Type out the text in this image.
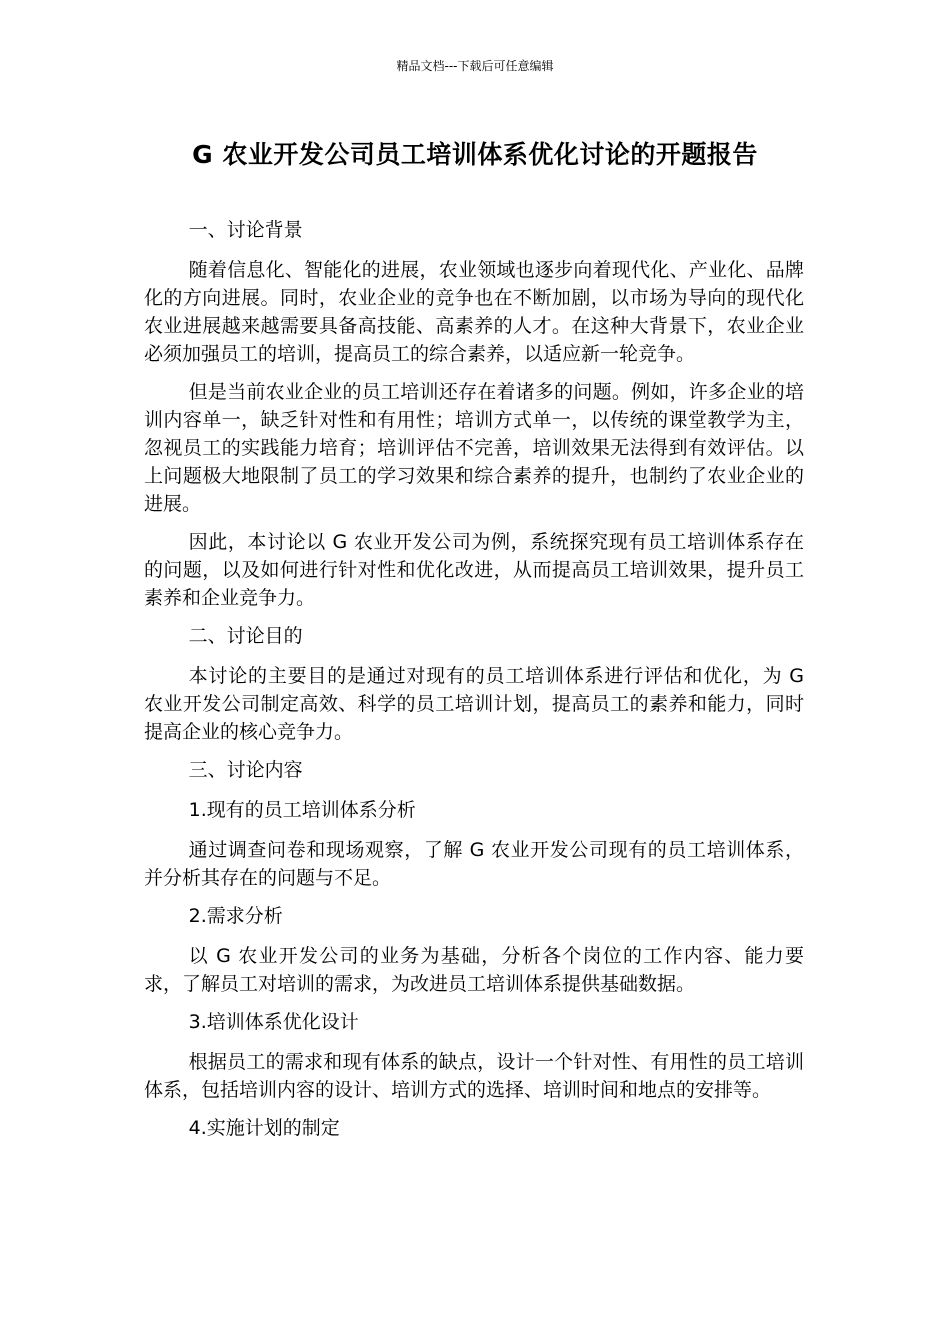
精品文档---下载后可任意编辑
G 农业开发公司员工培训体系优化讨论的开题报告

一、讨论背景

随着信息化、智能化的进展，农业领域也逐步向着现代化、产业化、品牌化的方向进展。同时，农业企业的竞争也在不断加剧，以市场为导向的现代化农业进展越来越需要具备高技能、高素养的人才。在这种大背景下，农业企业必须加强员工的培训，提高员工的综合素养，以适应新一轮竞争。

但是当前农业企业的员工培训还存在着诸多的问题。例如，许多企业的培训内容单一，缺乏针对性和有用性；培训方式单一，以传统的课堂教学为主，忽视员工的实践能力培育；培训评估不完善，培训效果无法得到有效评估。以上问题极大地限制了员工的学习效果和综合素养的提升，也制约了农业企业的进展。

因此，本讨论以 G 农业开发公司为例，系统探究现有员工培训体系存在的问题，以及如何进行针对性和优化改进，从而提高员工培训效果，提升员工素养和企业竞争力。

二、讨论目的

本讨论的主要目的是通过对现有的员工培训体系进行评估和优化，为 G 农业开发公司制定高效、科学的员工培训计划，提高员工的素养和能力，同时提高企业的核心竞争力。

三、讨论内容

1.现有的员工培训体系分析

通过调查问卷和现场观察，了解 G 农业开发公司现有的员工培训体系，并分析其存在的问题与不足。

2.需求分析

以 G 农业开发公司的业务为基础，分析各个岗位的工作内容、能力要求，了解员工对培训的需求，为改进员工培训体系提供基础数据。

3.培训体系优化设计

根据员工的需求和现有体系的缺点，设计一个针对性、有用性的员工培训体系，包括培训内容的设计、培训方式的选择、培训时间和地点的安排等。

4.实施计划的制定
